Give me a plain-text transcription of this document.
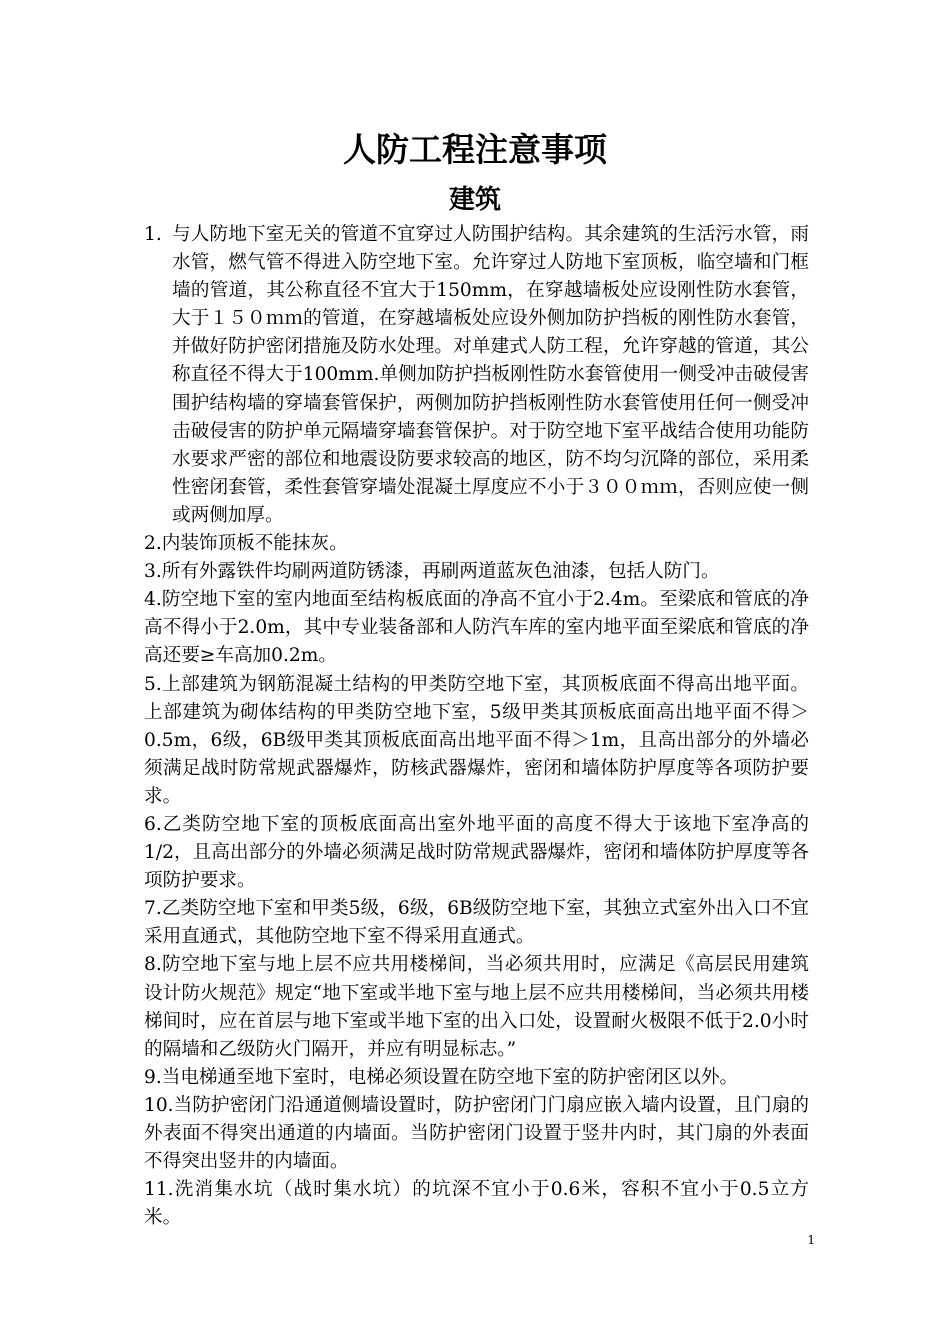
人防工程注意事项
建筑
1. 与人防地下室无关的管道不宜穿过人防围护结构。其余建筑的生活污水管，雨水管，燃气管不得进入防空地下室。允许穿过人防地下室顶板，临空墙和门框墙的管道，其公称直径不宜大于150mm，在穿越墙板处应设刚性防水套管，大于１５０ｍｍ的管道，在穿越墙板处应设外侧加防护挡板的刚性防水套管，并做好防护密闭措施及防水处理。对单建式人防工程，允许穿越的管道，其公称直径不得大于100mm.单侧加防护挡板刚性防水套管使用一侧受冲击破侵害围护结构墙的穿墙套管保护，两侧加防护挡板刚性防水套管使用任何一侧受冲击破侵害的防护单元隔墙穿墙套管保护。对于防空地下室平战结合使用功能防水要求严密的部位和地震设防要求较高的地区，防不均匀沉降的部位，采用柔性密闭套管，柔性套管穿墙处混凝土厚度应不小于３００ｍｍ，否则应使一侧或两侧加厚。

2.内装饰顶板不能抹灰。

3.所有外露铁件均刷两道防锈漆，再刷两道蓝灰色油漆，包括人防门。

4.防空地下室的室内地面至结构板底面的净高不宜小于2.4m。至梁底和管底的净高不得小于2.0m，其中专业装备部和人防汽车库的室内地平面至梁底和管底的净高还要≥车高加0.2m。

5.上部建筑为钢筋混凝土结构的甲类防空地下室，其顶板底面不得高出地平面。上部建筑为砌体结构的甲类防空地下室，5级甲类其顶板底面高出地平面不得＞0.5m，6级，6B级甲类其顶板底面高出地平面不得＞1m，且高出部分的外墙必须满足战时防常规武器爆炸，防核武器爆炸，密闭和墙体防护厚度等各项防护要求。

6.乙类防空地下室的顶板底面高出室外地平面的高度不得大于该地下室净高的1/2，且高出部分的外墙必须满足战时防常规武器爆炸，密闭和墙体防护厚度等各项防护要求。

7.乙类防空地下室和甲类5级，6级，6B级防空地下室，其独立式室外出入口不宜采用直通式，其他防空地下室不得采用直通式。

8.防空地下室与地上层不应共用楼梯间，当必须共用时，应满足《高层民用建筑设计防火规范》规定“地下室或半地下室与地上层不应共用楼梯间，当必须共用楼梯间时，应在首层与地下室或半地下室的出入口处，设置耐火极限不低于2.0小时的隔墙和乙级防火门隔开，并应有明显标志。”

9.当电梯通至地下室时，电梯必须设置在防空地下室的防护密闭区以外。

10.当防护密闭门沿通道侧墙设置时，防护密闭门门扇应嵌入墙内设置，且门扇的外表面不得突出通道的内墙面。当防护密闭门设置于竖井内时，其门扇的外表面不得突出竖井的内墙面。

11.洗消集水坑（战时集水坑）的坑深不宜小于0.6米，容积不宜小于0.5立方米。

1
